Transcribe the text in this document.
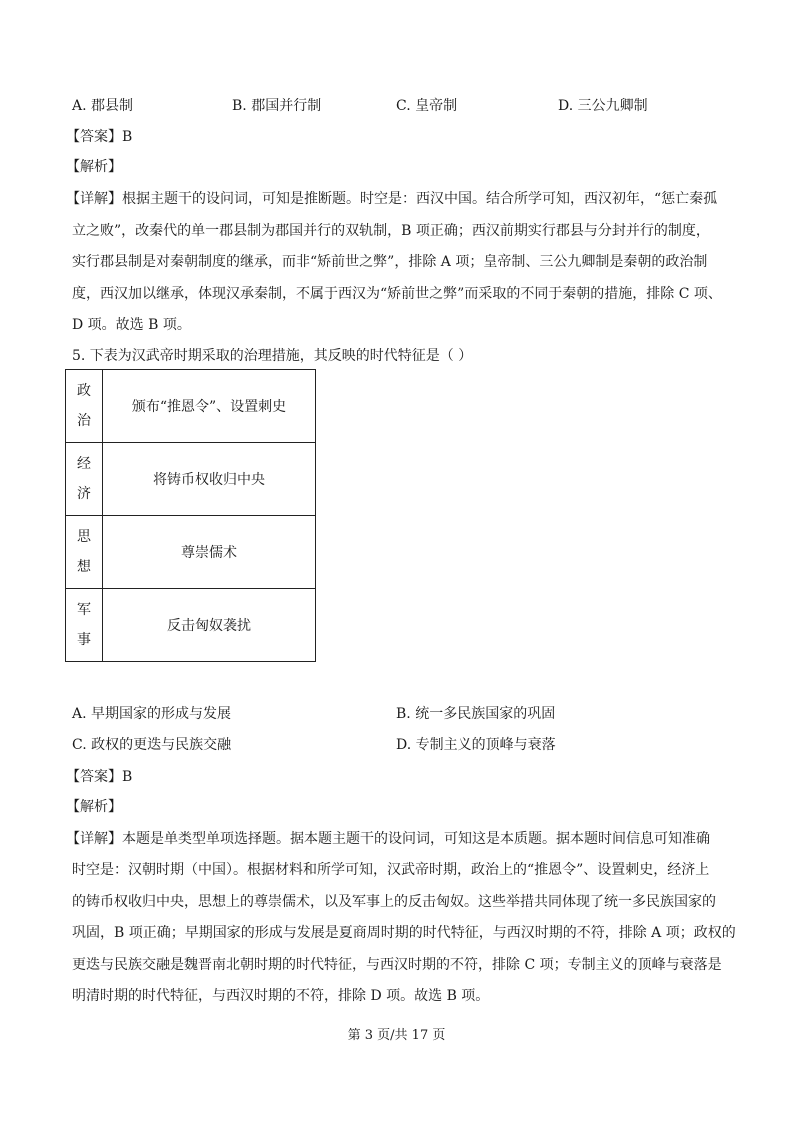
A. 郡县制	B. 郡国并行制	C. 皇帝制	D. 三公九卿制
【答案】B
【解析】
【详解】根据主题干的设问词，可知是推断题。时空是：西汉中国。结合所学可知，西汉初年，“惩亡秦孤
立之败”，改秦代的单一郡县制为郡国并行的双轨制，B 项正确；西汉前期实行郡县与分封并行的制度，
实行郡县制是对秦朝制度的继承，而非“矫前世之弊”，排除 A 项；皇帝制、三公九卿制是秦朝的政治制
度，西汉加以继承，体现汉承秦制，不属于西汉为“矫前世之弊”而采取的不同于秦朝的措施，排除 C 项、
D 项。故选 B 项。
5. 下表为汉武帝时期采取的治理措施，其反映的时代特征是（ ）
政
治	颁布“推恩令”、设置刺史

经
济	将铸币权收归中央

思
想	尊崇儒术

军
事	反击匈奴袭扰
A. 早期国家的形成与发展	B. 统一多民族国家的巩固
C. 政权的更迭与民族交融	D. 专制主义的顶峰与衰落
【答案】B
【解析】
【详解】本题是单类型单项选择题。据本题主题干的设问词，可知这是本质题。据本题时间信息可知准确
时空是：汉朝时期（中国）。根据材料和所学可知，汉武帝时期，政治上的“推恩令”、设置刺史，经济上
的铸币权收归中央，思想上的尊崇儒术，以及军事上的反击匈奴。这些举措共同体现了统一多民族国家的
巩固，B 项正确；早期国家的形成与发展是夏商周时期的时代特征，与西汉时期的不符，排除 A 项；政权的
更迭与民族交融是魏晋南北朝时期的时代特征，与西汉时期的不符，排除 C 项；专制主义的顶峰与衰落是
明清时期的时代特征，与西汉时期的不符，排除 D 项。故选 B 项。
第 3 页/共 17 页
